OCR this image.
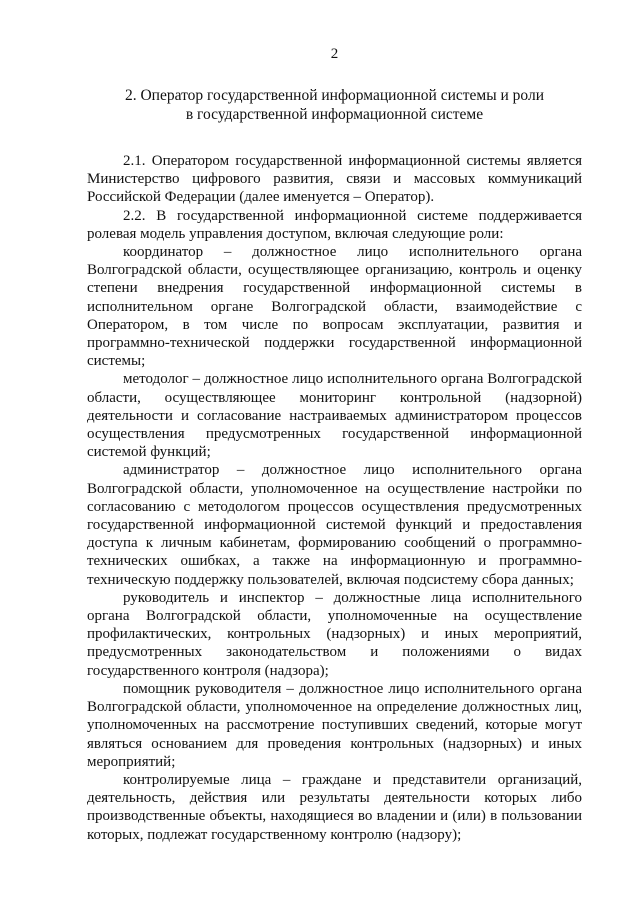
2
2. Оператор государственной информационной системы и роли
в государственной информационной системе

2.1. Оператором государственной информационной системы является Министерство цифрового развития, связи и массовых коммуникаций Российской Федерации (далее именуется – Оператор).

2.2. В государственной информационной системе поддерживается ролевая модель управления доступом, включая следующие роли:

координатор – должностное лицо исполнительного органа Волгоградской области, осуществляющее организацию, контроль и оценку степени внедрения государственной информационной системы в исполнительном органе Волгоградской области, взаимодействие с Оператором, в том числе по вопросам эксплуатации, развития и программно-технической поддержки государственной информационной системы;

методолог – должностное лицо исполнительного органа Волгоградской области, осуществляющее мониторинг контрольной (надзорной) деятельности и согласование настраиваемых администратором процессов осуществления предусмотренных государственной информационной системой функций;

администратор – должностное лицо исполнительного органа Волгоградской области, уполномоченное на осуществление настройки по согласованию с методологом процессов осуществления предусмотренных государственной информационной системой функций и предоставления доступа к личным кабинетам, формированию сообщений о программно-технических ошибках, а также на информационную и программно-техническую поддержку пользователей, включая подсистему сбора данных;

руководитель и инспектор – должностные лица исполнительного органа Волгоградской области, уполномоченные на осуществление профилактических, контрольных (надзорных) и иных мероприятий, предусмотренных законодательством и положениями о видах государственного контроля (надзора);

помощник руководителя – должностное лицо исполнительного органа Волгоградской области, уполномоченное на определение должностных лиц, уполномоченных на рассмотрение поступивших сведений, которые могут являться основанием для проведения контрольных (надзорных) и иных мероприятий;

контролируемые лица – граждане и представители организаций, деятельность, действия или результаты деятельности которых либо производственные объекты, находящиеся во владении и (или) в пользовании которых, подлежат государственному контролю (надзору);
